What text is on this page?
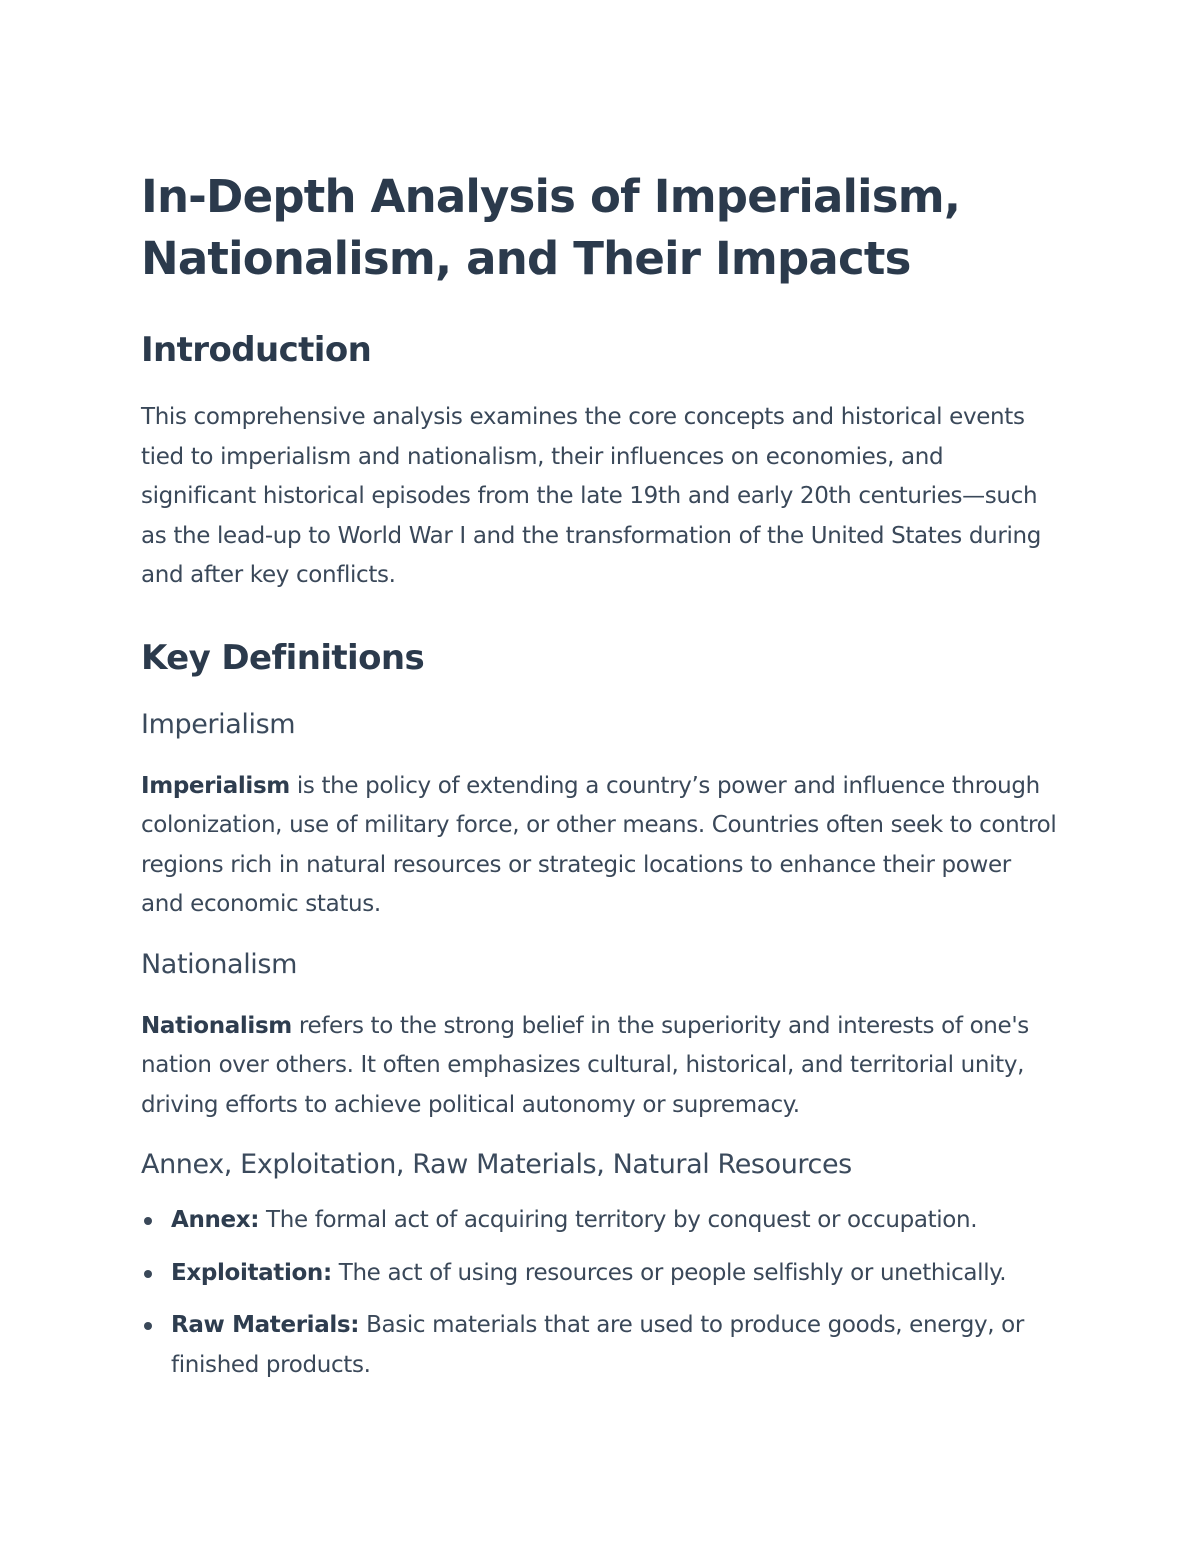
In-Depth Analysis of Imperialism, Nationalism, and Their Impacts
Introduction

This comprehensive analysis examines the core concepts and historical events tied to imperialism and nationalism, their influences on economies, and significant historical episodes from the late 19th and early 20th centuries—such as the lead-up to World War I and the transformation of the United States during and after key conflicts.

Key Definitions
Imperialism

Imperialism is the policy of extending a country’s power and influence through colonization, use of military force, or other means. Countries often seek to control regions rich in natural resources or strategic locations to enhance their power and economic status.

Nationalism

Nationalism refers to the strong belief in the superiority and interests of one's nation over others. It often emphasizes cultural, historical, and territorial unity, driving efforts to achieve political autonomy or supremacy.

Annex, Exploitation, Raw Materials, Natural Resources
Annex: The formal act of acquiring territory by conquest or occupation.
Exploitation: The act of using resources or people selfishly or unethically.
Raw Materials: Basic materials that are used to produce goods, energy, or finished products.
